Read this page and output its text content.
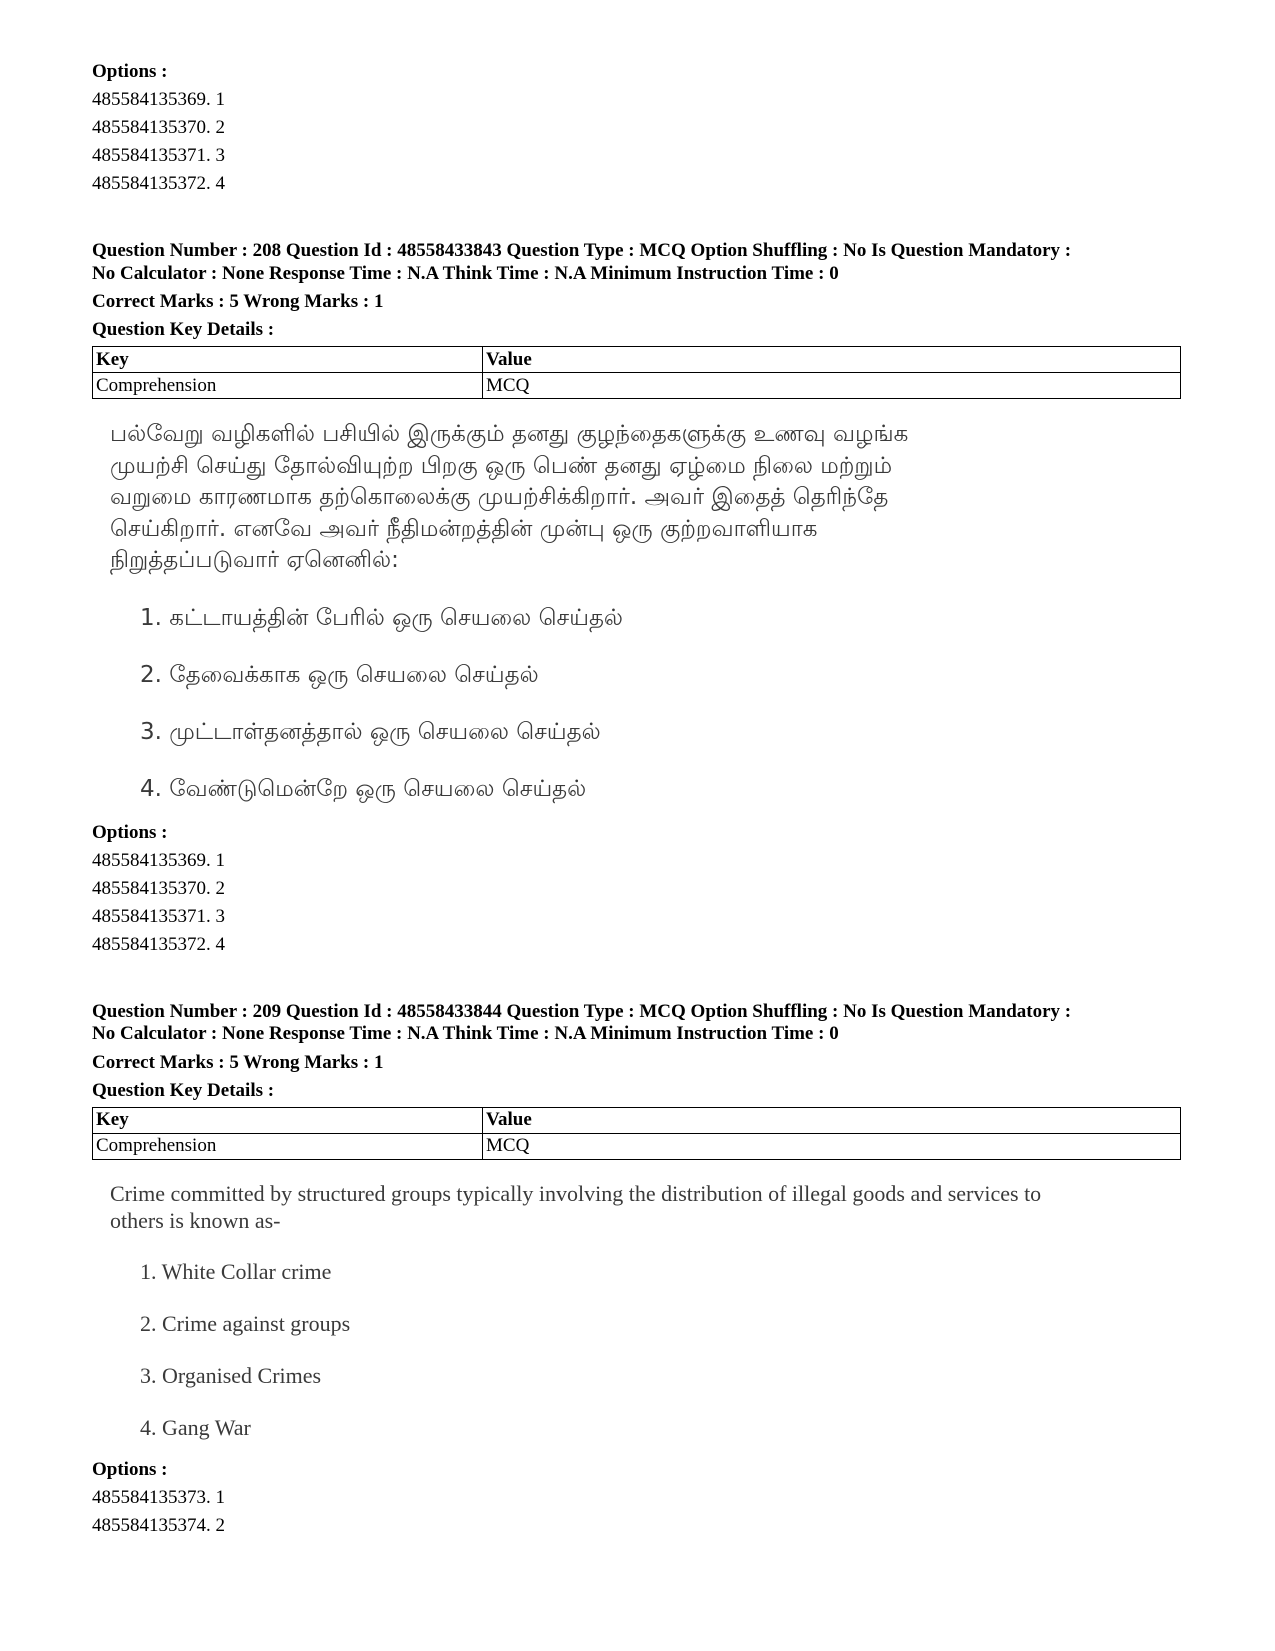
Options :
485584135369. 1
485584135370. 2
485584135371. 3
485584135372. 4
Question Number : 208 Question Id : 48558433843 Question Type : MCQ Option Shuffling : No Is Question Mandatory :
No Calculator : None Response Time : N.A Think Time : N.A Minimum Instruction Time : 0
Correct Marks : 5 Wrong Marks : 1
Question Key Details :
Key	Value
Comprehension	MCQ
பல்வேறு வழிகளில் பசியில் இருக்கும் தனது குழந்தைகளுக்கு உணவு வழங்க
முயற்சி செய்து தோல்வியுற்ற பிறகு ஒரு பெண் தனது ஏழ்மை நிலை மற்றும்
வறுமை காரணமாக தற்கொலைக்கு முயற்சிக்கிறார். அவர் இதைத் தெரிந்தே
செய்கிறார். எனவே அவர் நீதிமன்றத்தின் முன்பு ஒரு குற்றவாளியாக
நிறுத்தப்படுவார் ஏனெனில்:
1. கட்டாயத்தின் பேரில் ஒரு செயலை செய்தல்
2. தேவைக்காக ஒரு செயலை செய்தல்
3. முட்டாள்தனத்தால் ஒரு செயலை செய்தல்
4. வேண்டுமென்றே ஒரு செயலை செய்தல்
Options :
485584135369. 1
485584135370. 2
485584135371. 3
485584135372. 4
Question Number : 209 Question Id : 48558433844 Question Type : MCQ Option Shuffling : No Is Question Mandatory :
No Calculator : None Response Time : N.A Think Time : N.A Minimum Instruction Time : 0
Correct Marks : 5 Wrong Marks : 1
Question Key Details :
Key	Value
Comprehension	MCQ
Crime committed by structured groups typically involving the distribution of illegal goods and services to
others is known as-
1. White Collar crime
2. Crime against groups
3. Organised Crimes
4. Gang War
Options :
485584135373. 1
485584135374. 2
